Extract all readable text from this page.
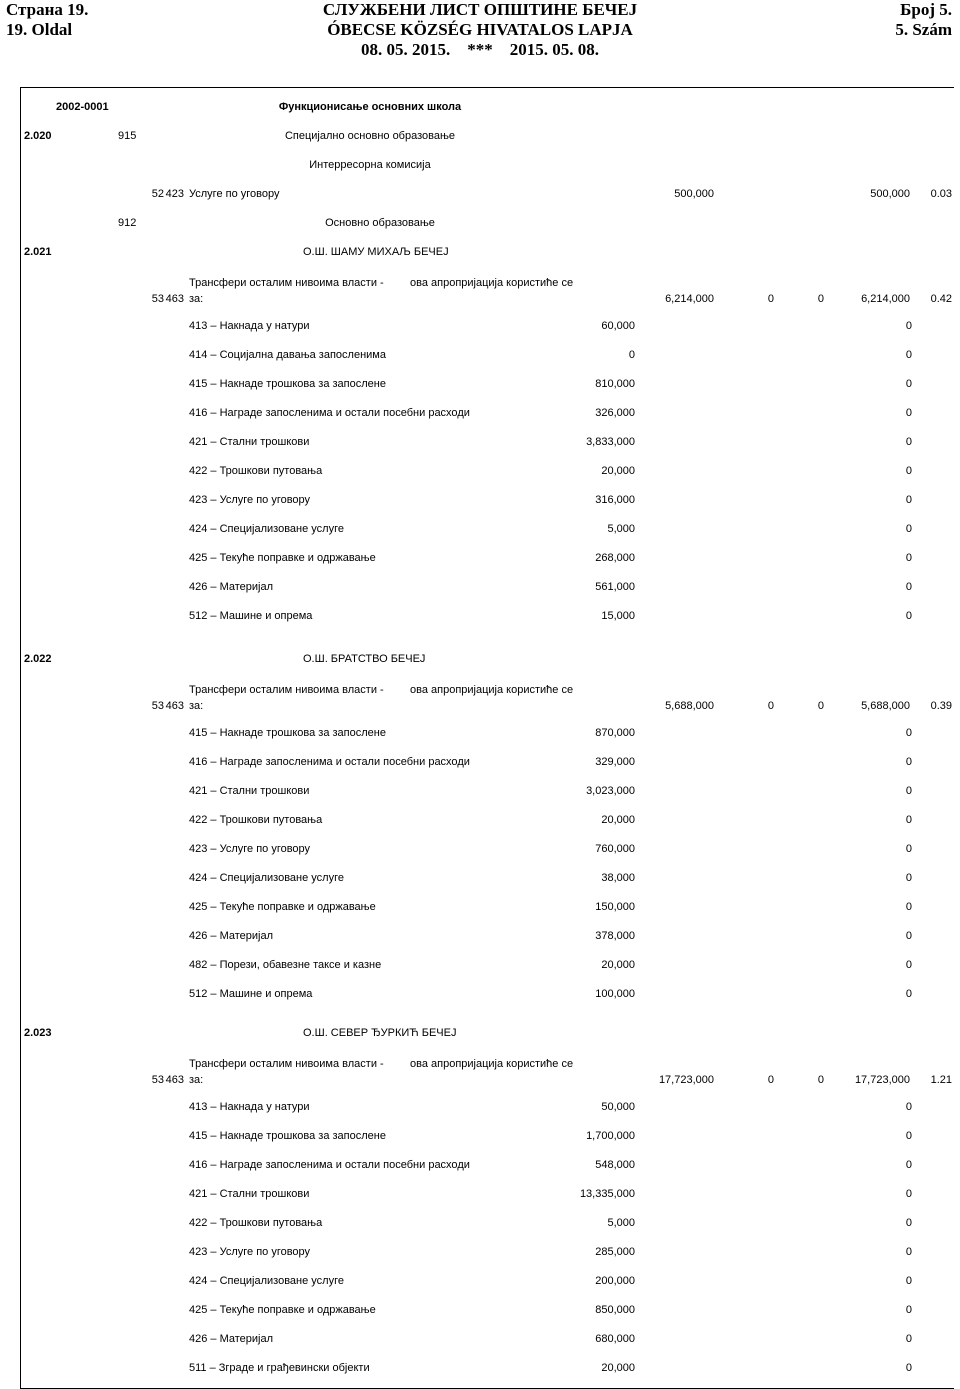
Страна 19.
19. Oldal
СЛУЖБЕНИ ЛИСТ ОПШТИНЕ БЕЧЕЈ
ÓBECSE KÖZSÉG HIVATALOS LAPJA
08. 05. 2015.    ***    2015. 05. 08.
Број 5.
5. Szám
2002-0001	Функционисање основних школа
2.020	915	Специјално основно образовање
Интерресорна комисија
52 423 Услуге по уговору	500,000	500,000	0.03
912	Основно образовање
2.021	О.Ш. ШАМУ МИХАЉ БЕЧЕЈ
Трансфери осталим нивоима власти - ова апропријација користиће се
53 463 за:	6,214,000	0	0	6,214,000	0.42
413 – Накнада у натури	60,000	0
414 – Социјална давања запосленима	0	0
415 – Накнаде трошкова за запослене	810,000	0
416 – Награде запосленима и остали посебни расходи	326,000	0
421 – Стални трошкови	3,833,000	0
422 – Трошкови путовања	20,000	0
423 – Услуге по уговору	316,000	0
424 – Специјализоване услуге	5,000	0
425 – Текуће поправке и одржавање	268,000	0
426 – Материјал	561,000	0
512 – Машине и опрема	15,000	0
2.022	О.Ш. БРАТСТВО БЕЧЕЈ
Трансфери осталим нивоима власти - ова апропријација користиће се
53 463 за:	5,688,000	0	0	5,688,000	0.39
415 – Накнаде трошкова за запослене	870,000	0
416 – Награде запосленима и остали посебни расходи	329,000	0
421 – Стални трошкови	3,023,000	0
422 – Трошкови путовања	20,000	0
423 – Услуге по уговору	760,000	0
424 – Специјализоване услуге	38,000	0
425 – Текуће поправке и одржавање	150,000	0
426 – Материјал	378,000	0
482 – Порези, обавезне таксе и казне	20,000	0
512 – Машине и опрема	100,000	0
2.023	О.Ш. СЕВЕР ЂУРКИЋ БЕЧЕЈ
Трансфери осталим нивоима власти - ова апропријација користиће се
53 463 за:	17,723,000	0	0	17,723,000	1.21
413 – Накнада у натури	50,000	0
415 – Накнаде трошкова за запослене	1,700,000	0
416 – Награде запосленима и остали посебни расходи	548,000	0
421 – Стални трошкови	13,335,000	0
422 – Трошкови путовања	5,000	0
423 – Услуге по уговору	285,000	0
424 – Специјализоване услуге	200,000	0
425 – Текуће поправке и одржавање	850,000	0
426 – Материјал	680,000	0
511 – Зграде и грађевински објекти	20,000	0
